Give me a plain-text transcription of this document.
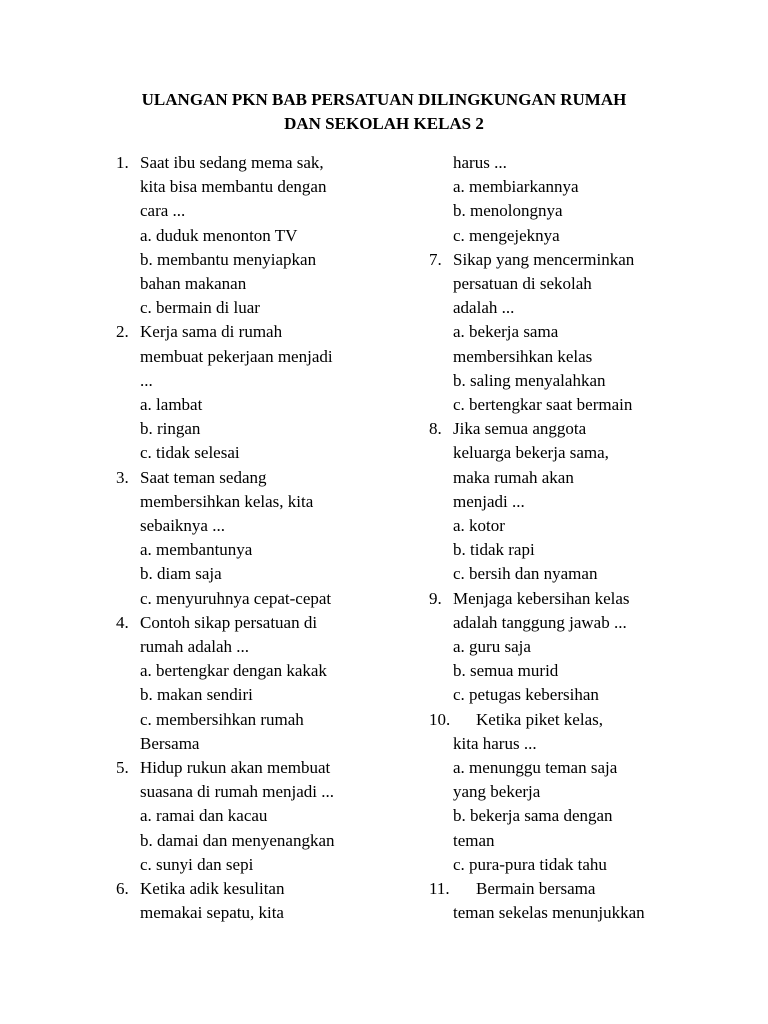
ULANGAN PKN BAB PERSATUAN DILINGKUNGAN RUMAH
DAN SEKOLAH KELAS 2
1. Saat ibu sedang mema sak,
kita bisa membantu dengan
cara ...
a. duduk menonton TV
b. membantu menyiapkan
bahan makanan
c. bermain di luar
2. Kerja sama di rumah
membuat pekerjaan menjadi
...
a. lambat
b. ringan
c. tidak selesai
3. Saat teman sedang
membersihkan kelas, kita
sebaiknya ...
a. membantunya
b. diam saja
c. menyuruhnya cepat-cepat
4. Contoh sikap persatuan di
rumah adalah ...
a. bertengkar dengan kakak
b. makan sendiri
c. membersihkan rumah
Bersama
5. Hidup rukun akan membuat
suasana di rumah menjadi ...
a. ramai dan kacau
b. damai dan menyenangkan
c. sunyi dan sepi
6. Ketika adik kesulitan
memakai sepatu, kita
harus ...
a. membiarkannya
b. menolongnya
c. mengejeknya
7. Sikap yang mencerminkan
persatuan di sekolah
adalah ...
a. bekerja sama
membersihkan kelas
b. saling menyalahkan
c. bertengkar saat bermain
8. Jika semua anggota
keluarga bekerja sama,
maka rumah akan
menjadi ...
a. kotor
b. tidak rapi
c. bersih dan nyaman
9. Menjaga kebersihan kelas
adalah tanggung jawab ...
a. guru saja
b. semua murid
c. petugas kebersihan
10.	Ketika piket kelas,
kita harus ...
a. menunggu teman saja
yang bekerja
b. bekerja sama dengan
teman
c. pura-pura tidak tahu
11.	Bermain bersama
teman sekelas menunjukkan
